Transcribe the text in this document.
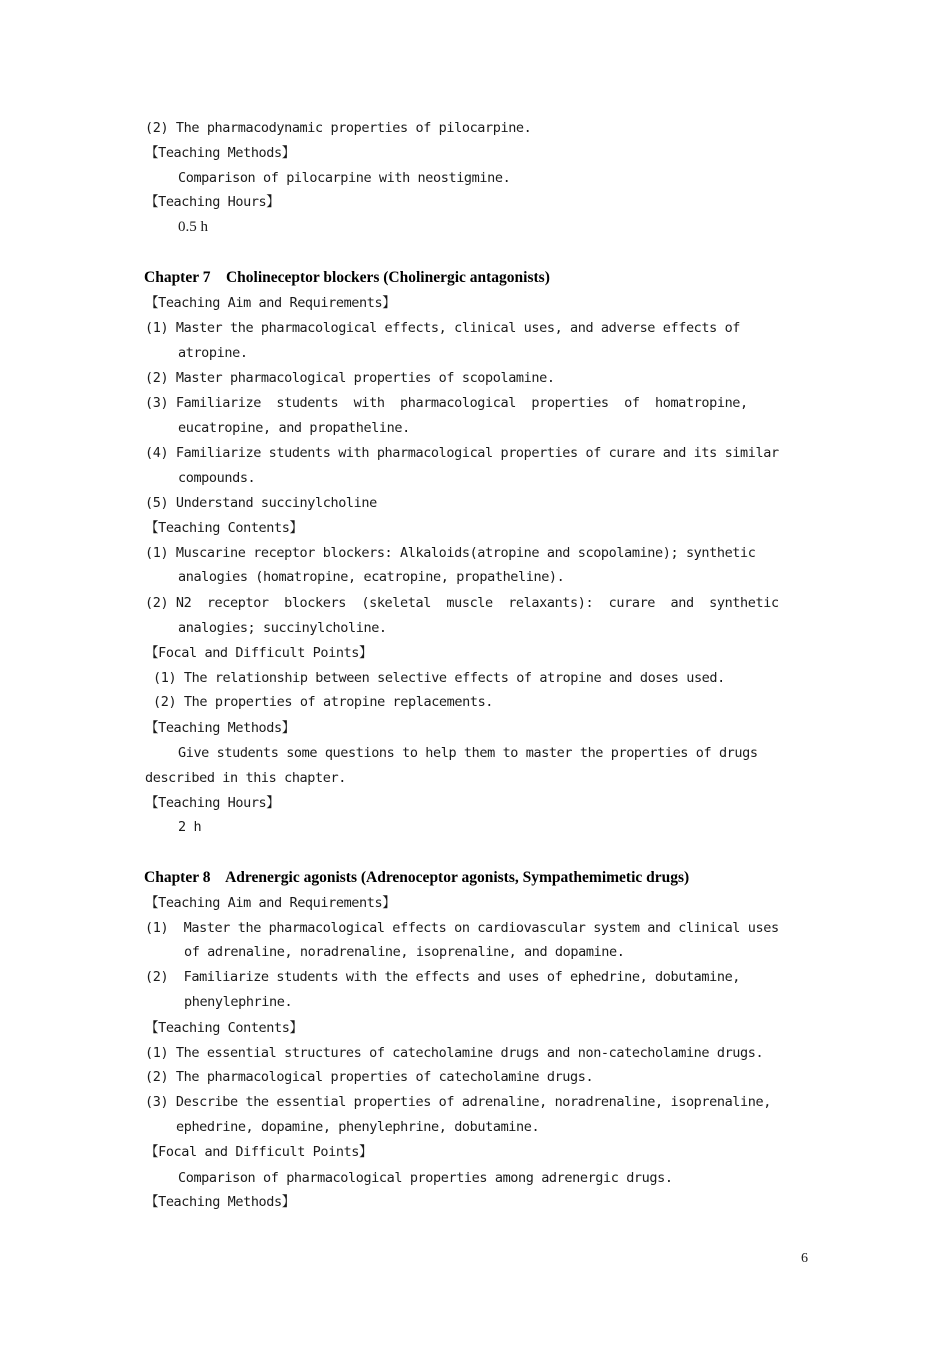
(2) The pharmacodynamic properties of pilocarpine.
【Teaching Methods】
Comparison of pilocarpine with neostigmine.
【Teaching Hours】
0.5 h
Chapter 7    Cholineceptor blockers (Cholinergic antagonists)
【Teaching Aim and Requirements】
(1) Master the pharmacological effects, clinical uses, and adverse effects of
atropine.
(2) Master pharmacological properties of scopolamine.
(3) Familiarize  students  with  pharmacological  properties  of  homatropine,
eucatropine, and propatheline.
(4) Familiarize students with pharmacological properties of curare and its similar
compounds.
(5) Understand succinylcholine
【Teaching Contents】
(1) Muscarine receptor blockers: Alkaloids(atropine and scopolamine); synthetic
analogies (homatropine, ecatropine, propatheline).
(2) N2  receptor  blockers  (skeletal  muscle  relaxants):  curare  and  synthetic
analogies; succinylcholine.
【Focal and Difficult Points】
(1) The relationship between selective effects of atropine and doses used.
(2) The properties of atropine replacements.
【Teaching Methods】
Give students some questions to help them to master the properties of drugs
described in this chapter.
【Teaching Hours】
2 h
Chapter 8    Adrenergic agonists (Adrenoceptor agonists, Sympathemimetic drugs)
【Teaching Aim and Requirements】
(1)  Master the pharmacological effects on cardiovascular system and clinical uses
of adrenaline, noradrenaline, isoprenaline, and dopamine.
(2)  Familiarize students with the effects and uses of ephedrine, dobutamine,
phenylephrine.
【Teaching Contents】
(1) The essential structures of catecholamine drugs and non-catecholamine drugs.
(2) The pharmacological properties of catecholamine drugs.
(3) Describe the essential properties of adrenaline, noradrenaline, isoprenaline,
ephedrine, dopamine, phenylephrine, dobutamine.
【Focal and Difficult Points】
Comparison of pharmacological properties among adrenergic drugs.
【Teaching Methods】
6
